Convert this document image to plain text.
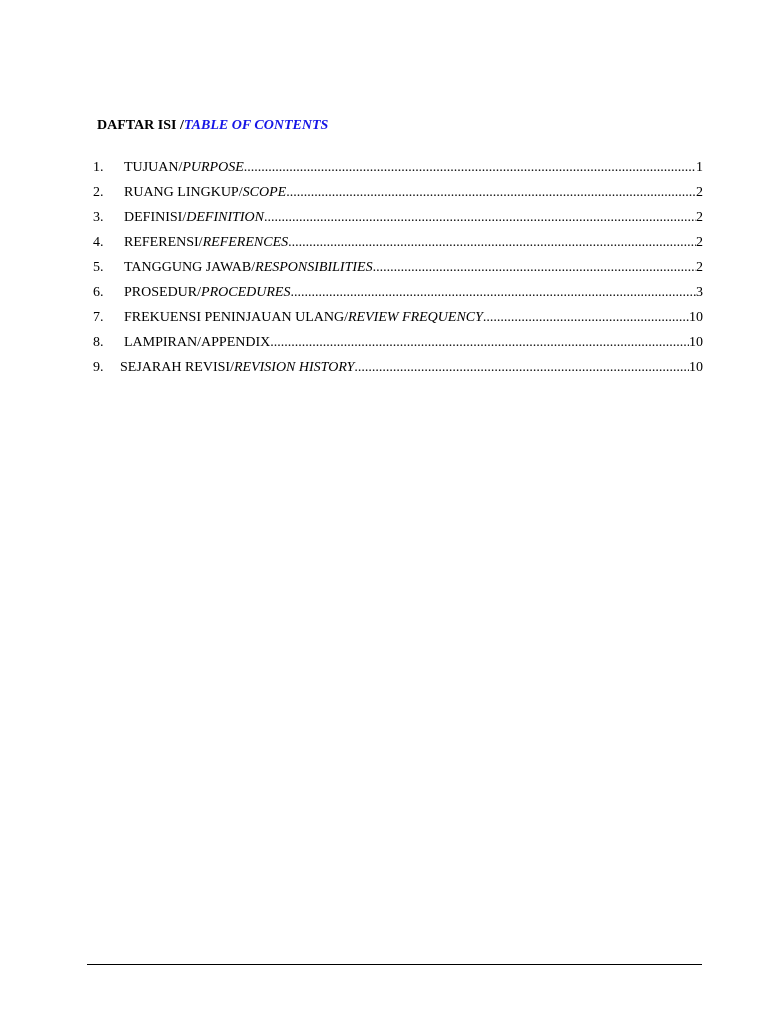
DAFTAR ISI /TABLE OF CONTENTS
1.	TUJUAN/PURPOSE .....	1
2.	RUANG LINGKUP/SCOPE .....	2
3.	DEFINISI/DEFINITION .....	2
4.	REFERENSI/REFERENCES .....	2
5.	TANGGUNG JAWAB/RESPONSIBILITIES .....	2
6.	PROSEDUR/PROCEDURES .....	3
7.	FREKUENSI PENINJAUAN ULANG/REVIEW FREQUENCY .....	10
8.	LAMPIRAN/APPENDIX .....	10
9.	SEJARAH REVISI/REVISION HISTORY .....	10
